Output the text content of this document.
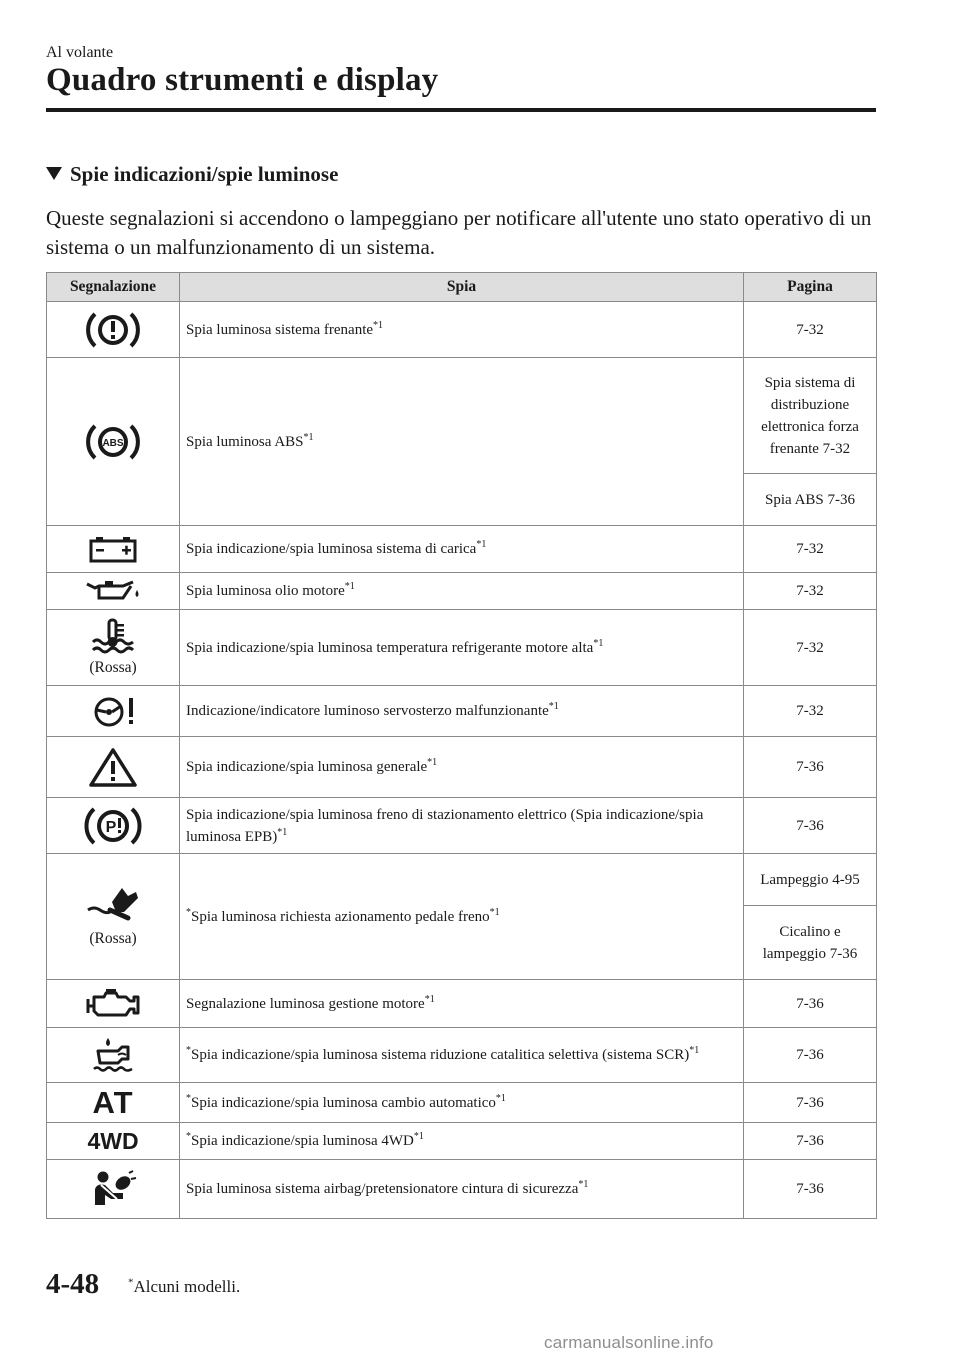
Al volante
Quadro strumenti e display
Spie indicazioni/spie luminose
Queste segnalazioni si accendono o lampeggiano per notificare all'utente uno stato operativo di un sistema o un malfunzionamento di un sistema.
Segnalazione	Spia	Pagina

	Spia luminosa sistema frenante$^{*1}$	7-32

ABS	Spia luminosa ABS$^{*1}$	Spia sistema di distribuzione elettronica forza frenante 7-32
		Spia ABS 7-36

	Spia indicazione/spia luminosa sistema di carica$^{*1}$	7-32

	Spia luminosa olio motore$^{*1}$	7-32

(Rossa)	Spia indicazione/spia luminosa temperatura refrigerante motore alta$^{*1}$	7-32

	Indicazione/indicatore luminoso servosterzo malfunzionante$^{*1}$	7-32

	Spia indicazione/spia luminosa generale$^{*1}$	7-36

P	Spia indicazione/spia luminosa freno di stazionamento elettrico (Spia indicazione/spia luminosa EPB)$^{*1}$	7-36

(Rossa)	*Spia luminosa richiesta azionamento pedale freno$^{*1}$	Lampeggio 4-95
		Cicalino e lampeggio 7-36

	Segnalazione luminosa gestione motore$^{*1}$	7-36

	*Spia indicazione/spia luminosa sistema riduzione catalitica selettiva (sistema SCR)$^{*1}$	7-36
AT	*Spia indicazione/spia luminosa cambio automatico$^{*1}$	7-36
4WD	*Spia indicazione/spia luminosa 4WD$^{*1}$	7-36

	Spia luminosa sistema airbag/pretensionatore cintura di sicurezza$^{*1}$	7-36
4-48	*Alcuni modelli.
carmanualsonline.info
